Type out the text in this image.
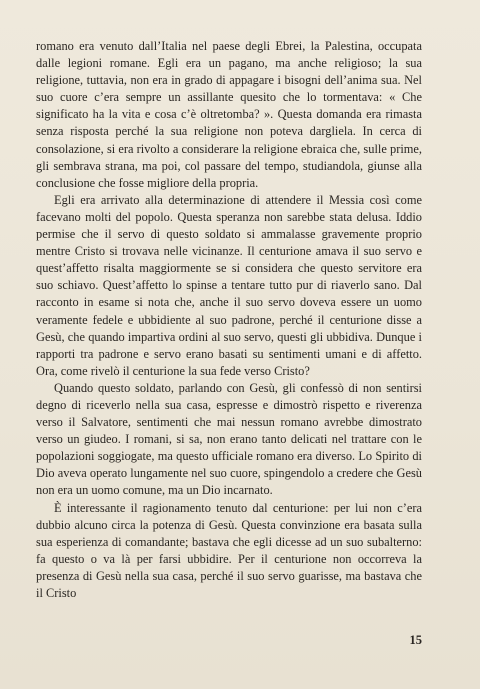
romano era venuto dall’Italia nel paese degli Ebrei, la Palestina, occupata dalle legioni romane. Egli era un pagano, ma anche religioso; la sua religione, tuttavia, non era in grado di appagare i bisogni dell’anima sua. Nel suo cuore c’era sempre un assillante quesito che lo tormentava: « Che significato ha la vita e cosa c’è oltretomba? ». Questa domanda era rimasta senza risposta perché la sua religione non poteva dargliela. In cerca di consolazione, si era rivolto a considerare la religione ebraica che, sulle prime, gli sembrava strana, ma poi, col passare del tempo, studiandola, giunse alla conclusione che fosse migliore della propria.

Egli era arrivato alla determinazione di attendere il Messia così come facevano molti del popolo. Questa speranza non sarebbe stata delusa. Iddio permise che il servo di questo soldato si ammalasse gravemente proprio mentre Cristo si trovava nelle vicinanze. Il centurione amava il suo servo e quest’affetto risalta maggiormente se si considera che questo servitore era suo schiavo. Quest’affetto lo spinse a tentare tutto pur di riaverlo sano. Dal racconto in esame si nota che, anche il suo servo doveva essere un uomo veramente fedele e ubbidiente al suo padrone, perché il centurione disse a Gesù, che quando impartiva ordini al suo servo, questi gli ubbidiva. Dunque i rapporti tra padrone e servo erano basati su sentimenti umani e di affetto. Ora, come rivelò il centurione la sua fede verso Cristo?

Quando questo soldato, parlando con Gesù, gli confessò di non sentirsi degno di riceverlo nella sua casa, espresse e dimostrò rispetto e riverenza verso il Salvatore, sentimenti che mai nessun romano avrebbe dimostrato verso un giudeo. I romani, si sa, non erano tanto delicati nel trattare con le popolazioni soggiogate, ma questo ufficiale romano era diverso. Lo Spirito di Dio aveva operato lungamente nel suo cuore, spingendolo a credere che Gesù non era un uomo comune, ma un Dio incarnato.

È interessante il ragionamento tenuto dal centurione: per lui non c’era dubbio alcuno circa la potenza di Gesù. Questa convinzione era basata sulla sua esperienza di comandante; bastava che egli dicesse ad un suo subalterno: fa questo o va là per farsi ubbidire. Per il centurione non occorreva la presenza di Gesù nella sua casa, perché il suo servo guarisse, ma bastava che il Cristo

15
